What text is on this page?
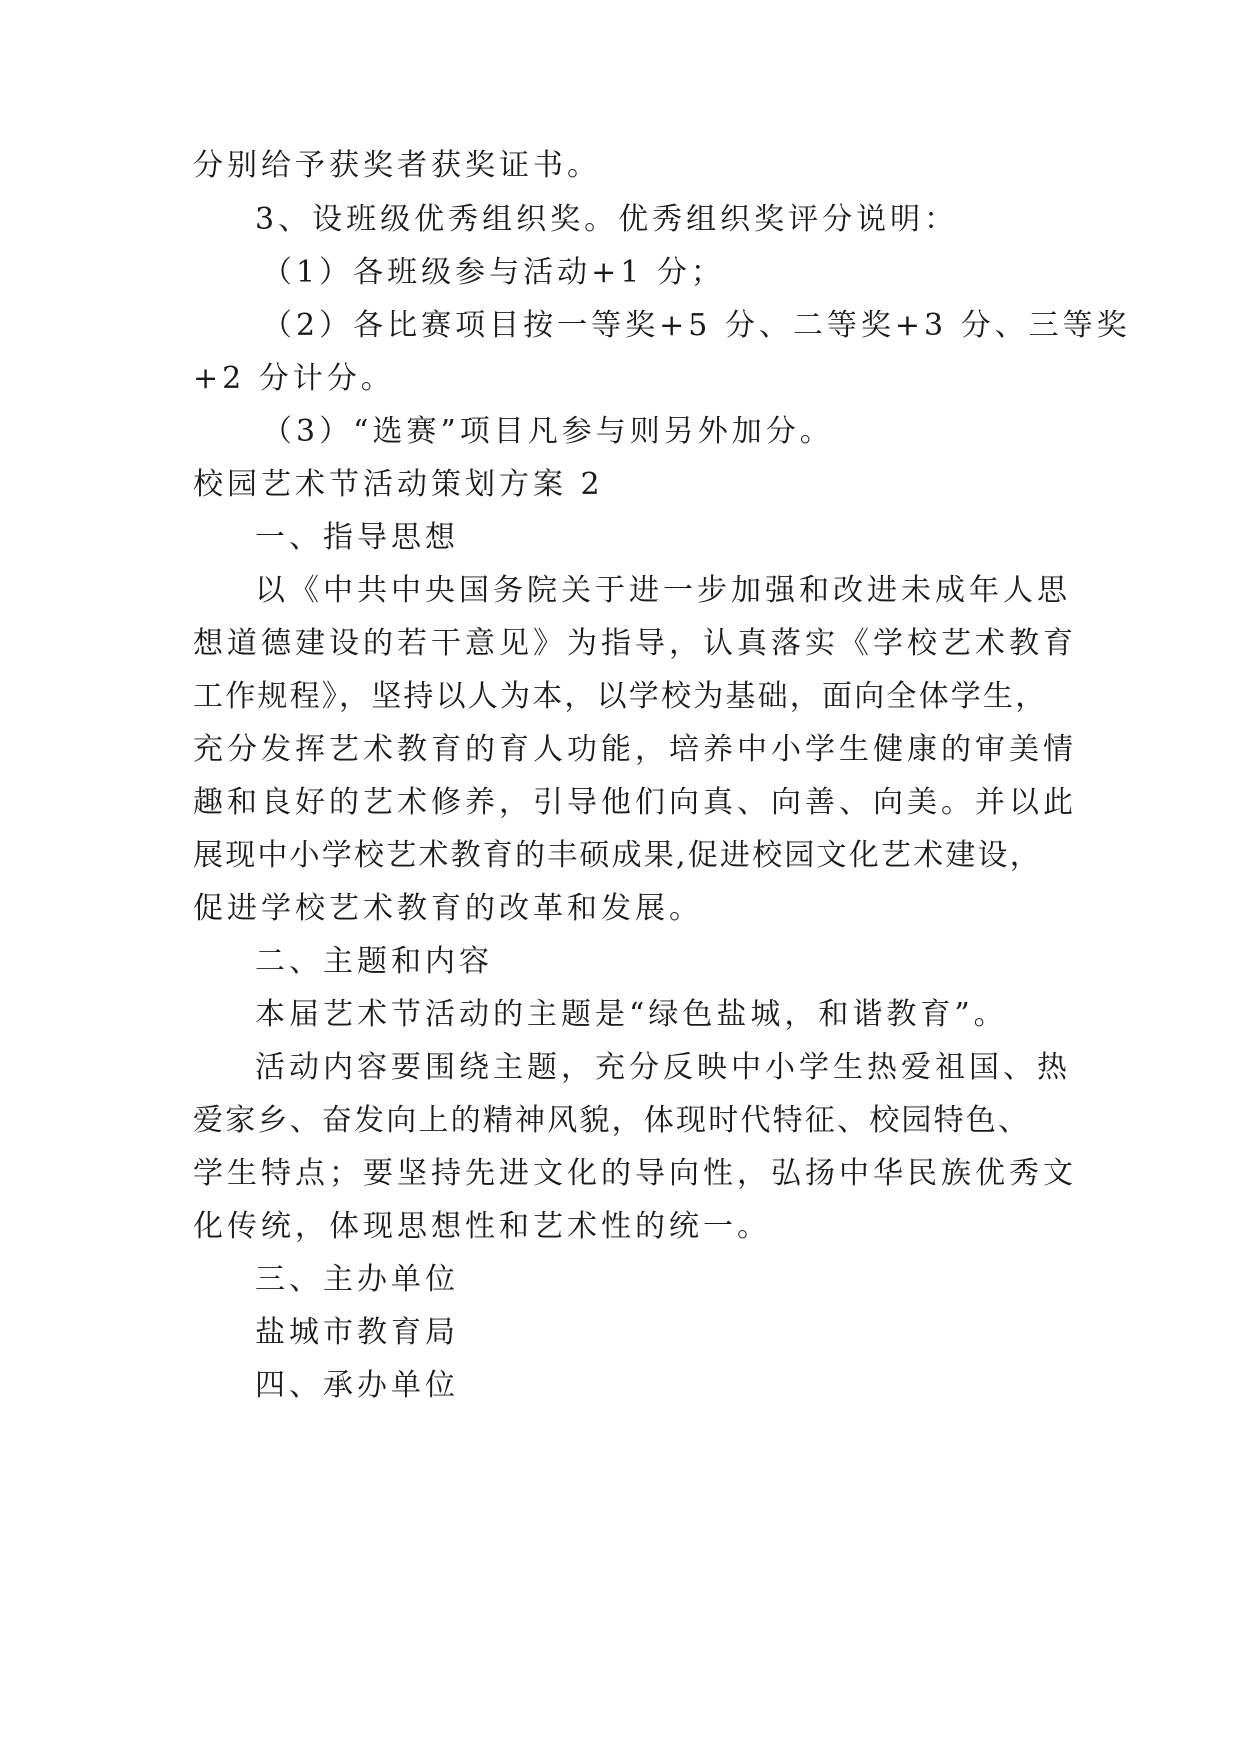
分别给予获奖者获奖证书。
3、设班级优秀组织奖。优秀组织奖评分说明：
（1）各班级参与活动+1 分；
（2）各比赛项目按一等奖+5 分、二等奖+3 分、三等奖
+2 分计分。
（3）“选赛”项目凡参与则另外加分。
校园艺术节活动策划方案 2
一、指导思想
以《中共中央国务院关于进一步加强和改进未成年人思
想道德建设的若干意见》为指导，认真落实《学校艺术教育
工作规程》，坚持以人为本，以学校为基础，面向全体学生，
充分发挥艺术教育的育人功能，培养中小学生健康的审美情
趣和良好的艺术修养，引导他们向真、向善、向美。并以此
展现中小学校艺术教育的丰硕成果,促进校园文化艺术建设，
促进学校艺术教育的改革和发展。
二、主题和内容
本届艺术节活动的主题是“绿色盐城，和谐教育”。
活动内容要围绕主题，充分反映中小学生热爱祖国、热
爱家乡、奋发向上的精神风貌，体现时代特征、校园特色、
学生特点；要坚持先进文化的导向性，弘扬中华民族优秀文
化传统，体现思想性和艺术性的统一。
三、主办单位
盐城市教育局
四、承办单位
